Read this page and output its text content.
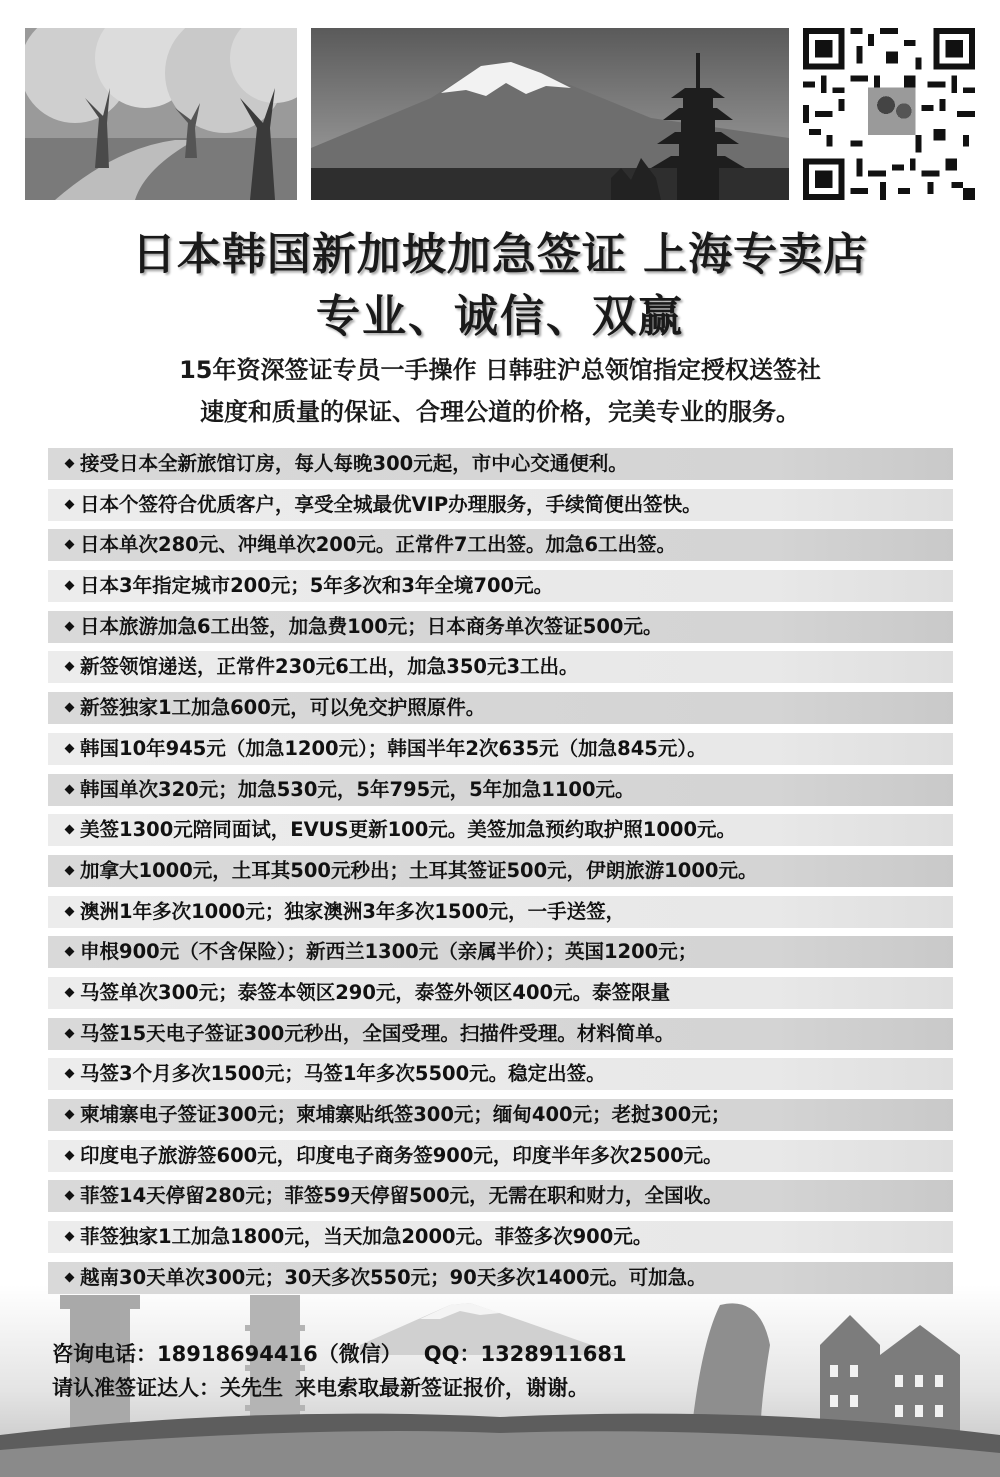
日本韩国新加坡加急签证 上海专卖店
专业、诚信、双赢
15年资深签证专员一手操作 日韩驻沪总领馆指定授权送签社
速度和质量的保证、合理公道的价格，完美专业的服务。
接受日本全新旅馆订房，每人每晚300元起，市中心交通便利。
日本个签符合优质客户，享受全城最优VIP办理服务，手续简便出签快。
日本单次280元、冲绳单次200元。正常件7工出签。加急6工出签。
日本3年指定城市200元；5年多次和3年全境700元。
日本旅游加急6工出签，加急费100元；日本商务单次签证500元。
新签领馆递送，正常件230元6工出，加急350元3工出。
新签独家1工加急600元，可以免交护照原件。
韩国10年945元（加急1200元）；韩国半年2次635元（加急845元）。
韩国单次320元；加急530元，5年795元，5年加急1100元。
美签1300元陪同面试，EVUS更新100元。美签加急预约取护照1000元。
加拿大1000元，土耳其500元秒出；土耳其签证500元，伊朗旅游1000元。
澳洲1年多次1000元；独家澳洲3年多次1500元，一手送签，
申根900元（不含保险）；新西兰1300元（亲属半价）；英国1200元；
马签单次300元；泰签本领区290元，泰签外领区400元。泰签限量
马签15天电子签证300元秒出，全国受理。扫描件受理。材料简单。
马签3个月多次1500元；马签1年多次5500元。稳定出签。
柬埔寨电子签证300元；柬埔寨贴纸签300元；缅甸400元；老挝300元；
印度电子旅游签600元，印度电子商务签900元，印度半年多次2500元。
菲签14天停留280元；菲签59天停留500元，无需在职和财力，全国收。
菲签独家1工加急1800元，当天加急2000元。菲签多次900元。
越南30天单次300元；30天多次550元；90天多次1400元。可加急。
咨询电话：18918694416（微信） QQ：1328911681
请认准签证达人：关先生 来电索取最新签证报价，谢谢。
